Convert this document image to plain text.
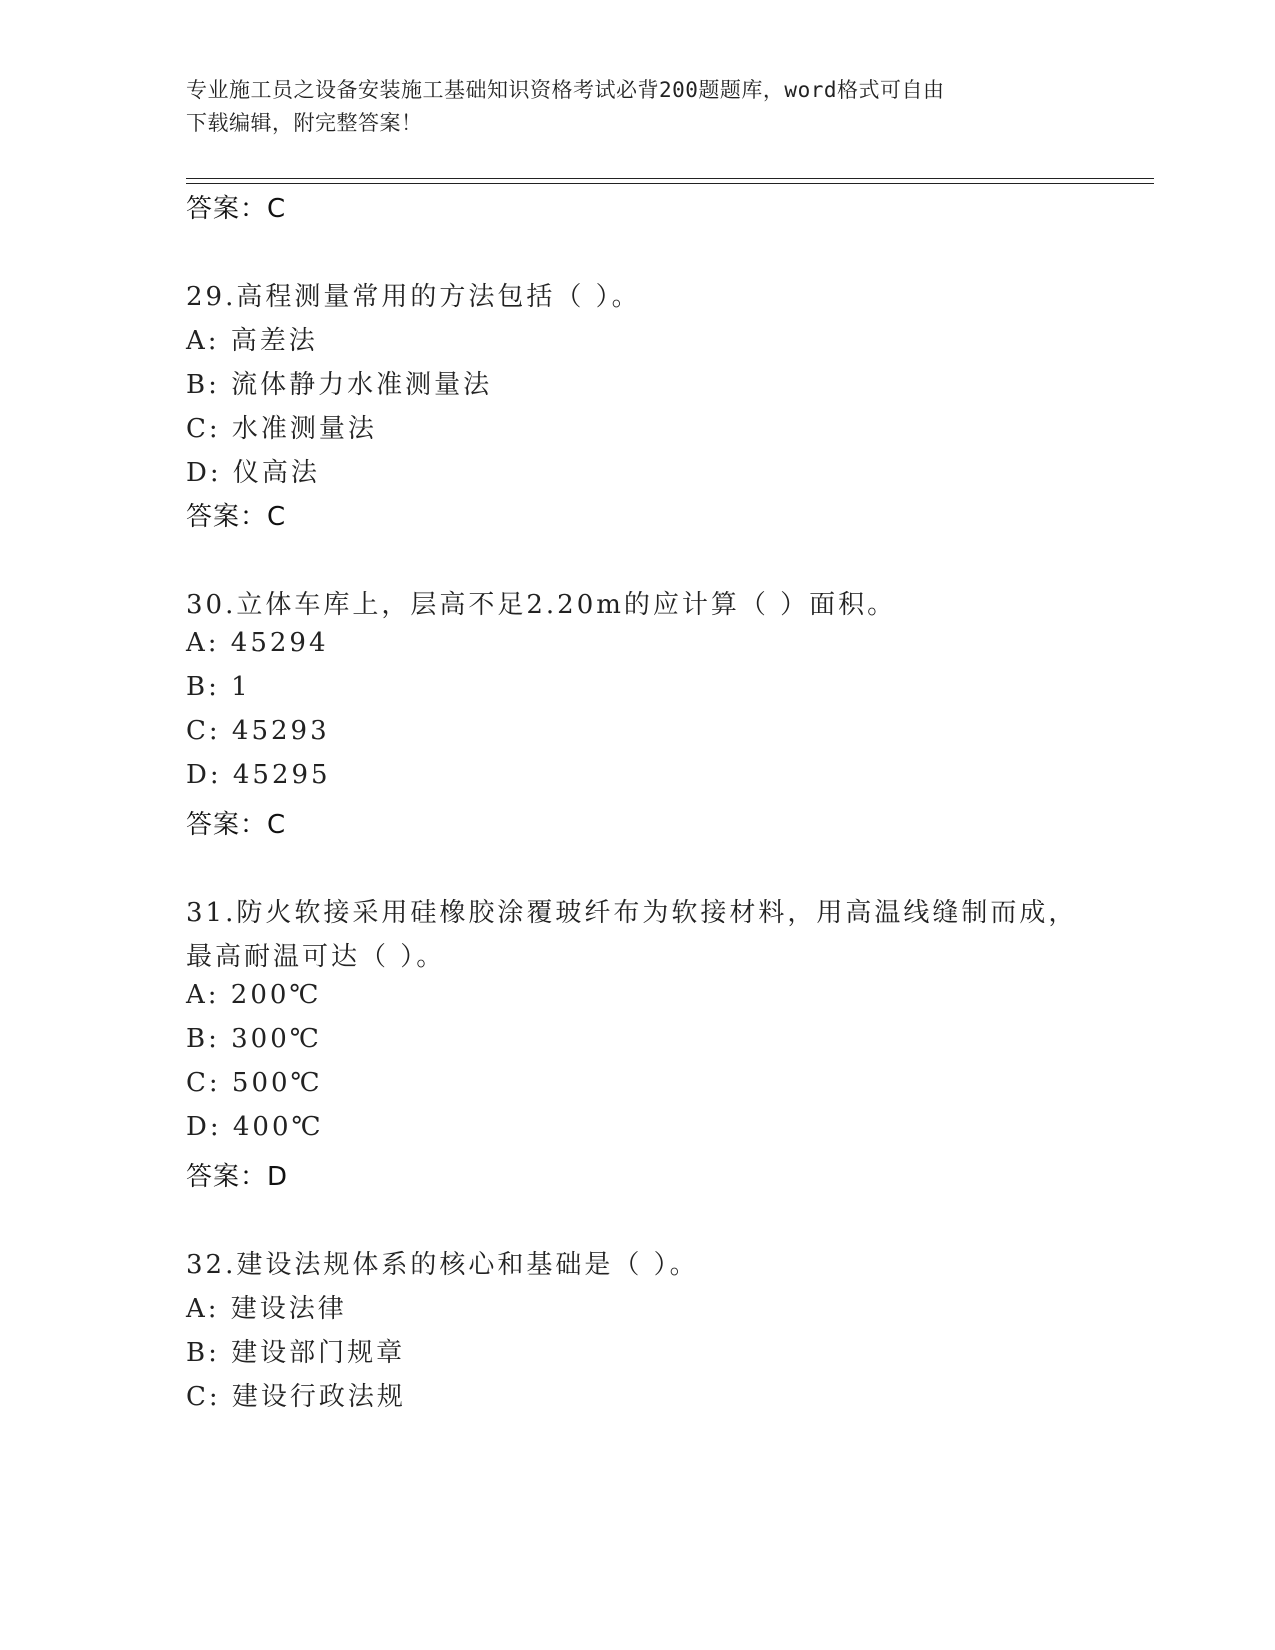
专业施工员之设备安装施工基础知识资格考试必背200题题库，word格式可自由
下载编辑，附完整答案！
答案：C
29.高程测量常用的方法包括（ ）。
A: 高差法
B: 流体静力水准测量法
C: 水准测量法
D: 仪高法
答案：C
30.立体车库上，层高不足2.20m的应计算（ ）面积。
A: 45294
B: 1
C: 45293
D: 45295
答案：C
31.防火软接采用硅橡胶涂覆玻纤布为软接材料，用高温线缝制而成，
最高耐温可达（ ）。
A: 200℃
B: 300℃
C: 500℃
D: 400℃
答案：D
32.建设法规体系的核心和基础是（ ）。
A: 建设法律
B: 建设部门规章
C: 建设行政法规
